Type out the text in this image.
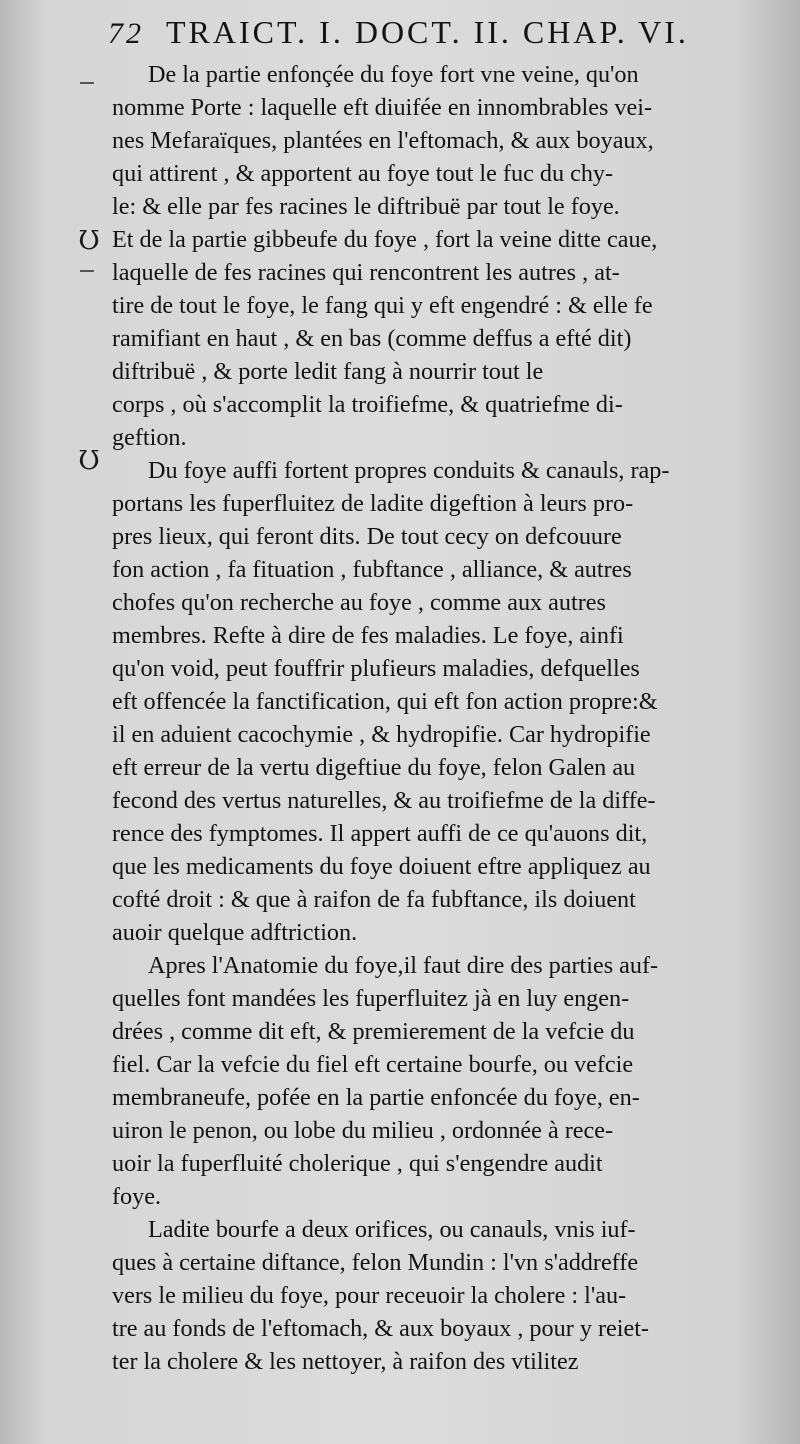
72 TRAICT. I. DOCT. II. CHAP. VI.
Ʊ
Ʊ
De la partie enfonçée du foye fort vne veine, qu'on
nomme Porte : laquelle eft diuifée en innombrables vei-
nes Mefaraïques, plantées en l'eftomach, & aux boyaux,
qui attirent , & apportent au foye tout le fuc du chy-
le: & elle par fes racines le diftribuë par tout le foye.
Et de la partie gibbeufe du foye , fort la veine ditte caue,
laquelle de fes racines qui rencontrent les autres , at-
tire de tout le foye, le fang qui y eft engendré : & elle fe
ramifiant en haut , & en bas (comme deffus a efté dit)
diftribuë , & porte ledit fang à nourrir tout le
corps , où s'accomplit la troifiefme, & quatriefme di-
geftion.
Du foye auffi fortent propres conduits & canauls, rap-
portans les fuperfluitez de ladite digeftion à leurs pro-
pres lieux, qui feront dits. De tout cecy on defcouure
fon action , fa fituation , fubftance , alliance, & autres
chofes qu'on recherche au foye , comme aux autres
membres. Refte à dire de fes maladies. Le foye, ainfi
qu'on void, peut fouffrir plufieurs maladies, defquelles
eft offencée la fanctification, qui eft fon action propre:&
il en aduient cacochymie , & hydropifie. Car hydropifie
eft erreur de la vertu digeftiue du foye, felon Galen au
fecond des vertus naturelles, & au troifiefme de la diffe-
rence des fymptomes. Il appert auffi de ce qu'auons dit,
que les medicaments du foye doiuent eftre appliquez au
cofté droit : & que à raifon de fa fubftance, ils doiuent
auoir quelque adftriction.
Apres l'Anatomie du foye,il faut dire des parties auf-
quelles font mandées les fuperfluitez jà en luy engen-
drées , comme dit eft, & premierement de la vefcie du
fiel. Car la vefcie du fiel eft certaine bourfe, ou vefcie
membraneufe, pofée en la partie enfoncée du foye, en-
uiron le penon, ou lobe du milieu , ordonnée à rece-
uoir la fuperfluité cholerique , qui s'engendre audit
foye.
Ladite bourfe a deux orifices, ou canauls, vnis iuf-
ques à certaine diftance, felon Mundin : l'vn s'addreffe
vers le milieu du foye, pour receuoir la cholere : l'au-
tre au fonds de l'eftomach, & aux boyaux , pour y reiet-
ter la cholere & les nettoyer, à raifon des vtilitez
